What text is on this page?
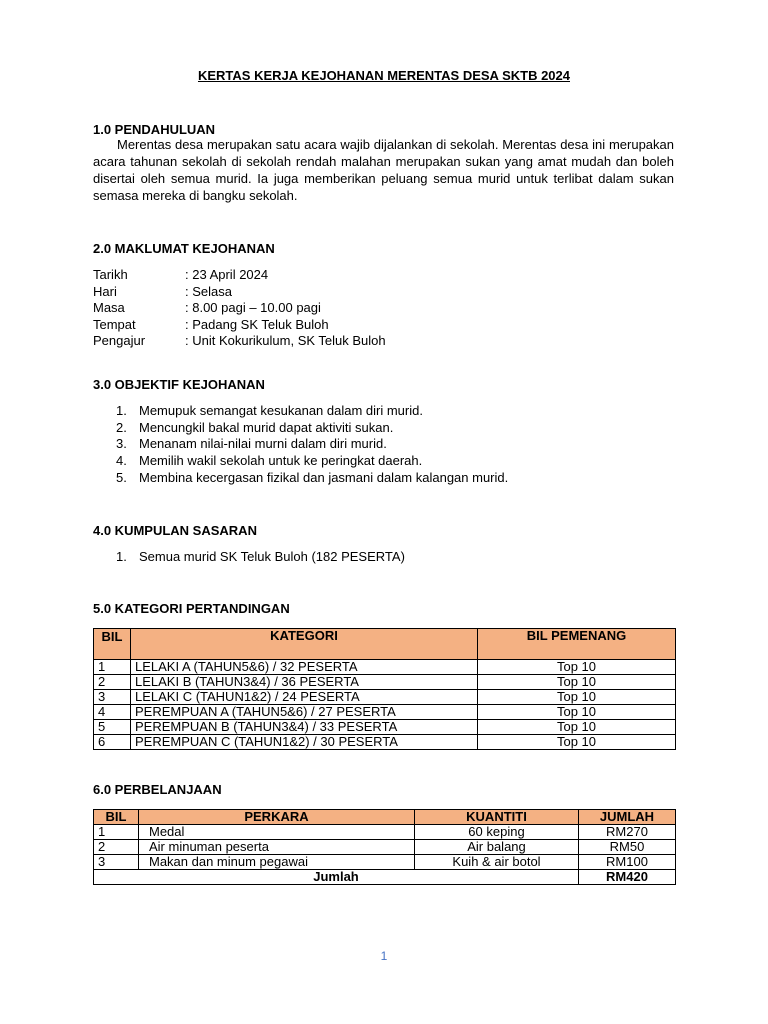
KERTAS KERJA KEJOHANAN MERENTAS DESA SKTB 2024
1.0 PENDAHULUAN

Merentas desa merupakan satu acara wajib dijalankan di sekolah. Merentas desa ini merupakan acara tahunan sekolah di sekolah rendah malahan merupakan sukan yang amat mudah dan boleh disertai oleh semua murid. Ia juga memberikan peluang semua murid untuk terlibat dalam sukan semasa mereka di bangku sekolah.

2.0 MAKLUMAT KEJOHANAN
Tarikh	: 23 April 2024
Hari	: Selasa
Masa	: 8.00 pagi – 10.00 pagi
Tempat	: Padang SK Teluk Buloh
Pengajur	: Unit Kokurikulum, SK Teluk Buloh
3.0 OBJEKTIF KEJOHANAN
1. Memupuk semangat kesukanan dalam diri murid.
2. Mencungkil bakal murid dapat aktiviti sukan.
3. Menanam nilai-nilai murni dalam diri murid.
4. Memilih wakil sekolah untuk ke peringkat daerah.
5. Membina kecergasan fizikal dan jasmani dalam kalangan murid.
4.0 KUMPULAN SASARAN
1. Semua murid SK Teluk Buloh (182 PESERTA)
5.0 KATEGORI PERTANDINGAN
BIL	KATEGORI	BIL PEMENANG
1	LELAKI A (TAHUN5&6) / 32 PESERTA	Top 10
2	LELAKI B (TAHUN3&4) / 36 PESERTA	Top 10
3	LELAKI C (TAHUN1&2) / 24 PESERTA	Top 10
4	PEREMPUAN A (TAHUN5&6) / 27 PESERTA	Top 10
5	PEREMPUAN B (TAHUN3&4) / 33 PESERTA	Top 10
6	PEREMPUAN C (TAHUN1&2) / 30 PESERTA	Top 10
6.0 PERBELANJAAN
BIL	PERKARA	KUANTITI	JUMLAH
1	Medal	60 keping	RM270
2	Air minuman peserta	Air balang	RM50
3	Makan dan minum pegawai	Kuih & air botol	RM100
Jumlah			RM420
1
